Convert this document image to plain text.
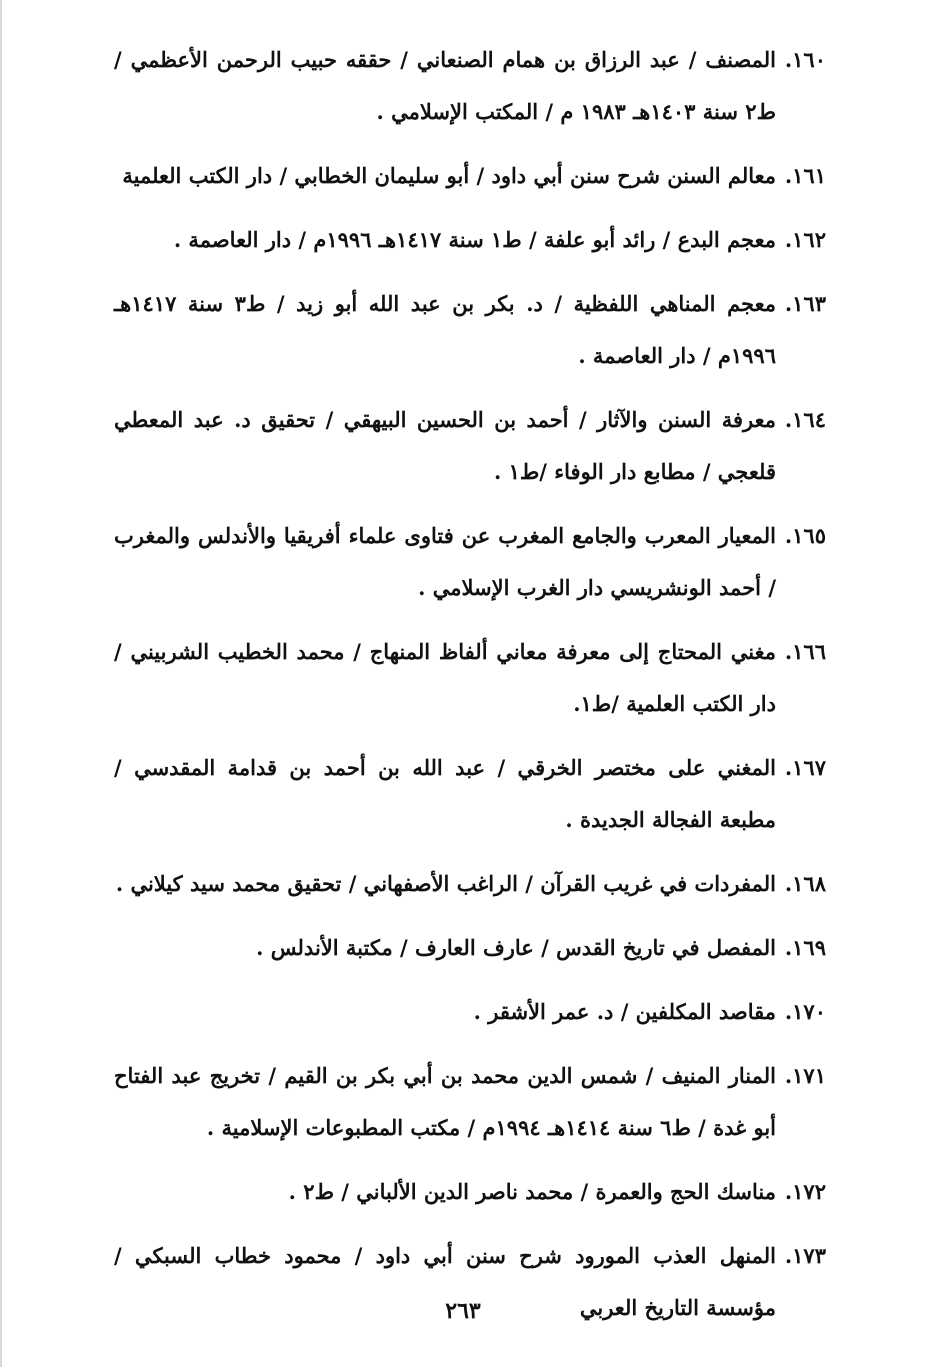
١٦٠.
المصنف / عبد الرزاق بن همام الصنعاني / حققه حبيب الرحمن الأعظمي / ط٢ سنة ١٤٠٣هـ ١٩٨٣ م / المكتب الإسلامي .
١٦١.
معالم السنن شرح سنن أبي داود / أبو سليمان الخطابي / دار الكتب العلمية
١٦٢.
معجم البدع / رائد أبو علفة / ط١ سنة ١٤١٧هـ ١٩٩٦م / دار العاصمة .
١٦٣.
معجم المناهي اللفظية / د. بكر بن عبد الله أبو زيد / ط٣ سنة ١٤١٧هـ ١٩٩٦م / دار العاصمة .
١٦٤.
معرفة السنن والآثار / أحمد بن الحسين البيهقي / تحقيق د. عبد المعطي قلعجي / مطابع دار الوفاء /ط١ .
١٦٥.
المعيار المعرب والجامع المغرب عن فتاوى علماء أفريقيا والأندلس والمغرب / أحمد الونشريسي دار الغرب الإسلامي .
١٦٦.
مغني المحتاج إلى معرفة معاني ألفاظ المنهاج / محمد الخطيب الشربيني / دار الكتب العلمية /ط١.
١٦٧.
المغني على مختصر الخرقي / عبد الله بن أحمد بن قدامة المقدسي / مطبعة الفجالة الجديدة .
١٦٨.
المفردات في غريب القرآن / الراغب الأصفهاني / تحقيق محمد سيد كيلاني .
١٦٩.
المفصل في تاريخ القدس / عارف العارف / مكتبة الأندلس .
١٧٠.
مقاصد المكلفين / د. عمر الأشقر .
١٧١.
المنار المنيف / شمس الدين محمد بن أبي بكر بن القيم / تخريج عبد الفتاح أبو غدة / ط٦ سنة ١٤١٤هـ ١٩٩٤م / مكتب المطبوعات الإسلامية .
١٧٢.
مناسك الحج والعمرة / محمد ناصر الدين الألباني / ط٢ .
١٧٣.
المنهل العذب المورود شرح سنن أبي داود / محمود خطاب السبكي / مؤسسة التاريخ العربي
٢٦٣
